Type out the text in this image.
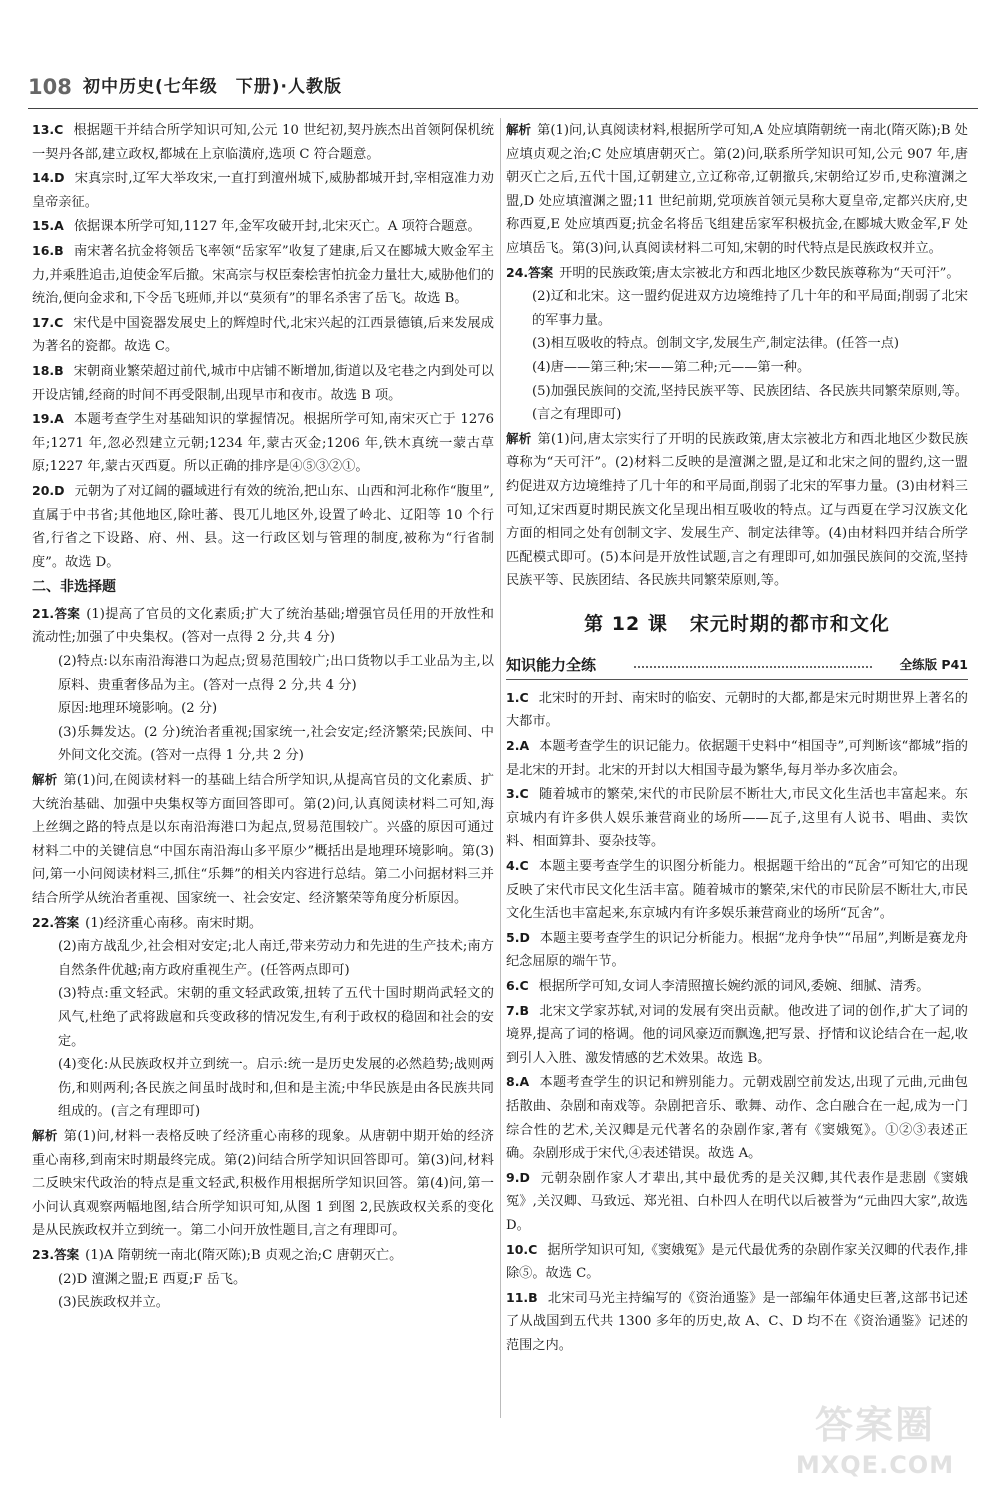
108 初中历史(七年级　下册)·人教版

13.C 根据题干并结合所学知识可知,公元 10 世纪初,契丹族杰出首领阿保机统一契丹各部,建立政权,都城在上京临潢府,选项 C 符合题意。

14.D 宋真宗时,辽军大举攻宋,一直打到澶州城下,威胁都城开封,宰相寇准力劝皇帝亲征。

15.A 依据课本所学可知,1127 年,金军攻破开封,北宋灭亡。A 项符合题意。

16.B 南宋著名抗金将领岳飞率领“岳家军”收复了建康,后又在郾城大败金军主力,并乘胜追击,迫使金军后撤。宋高宗与权臣秦桧害怕抗金力量壮大,威胁他们的统治,便向金求和,下令岳飞班师,并以“莫须有”的罪名杀害了岳飞。故选 B。

17.C 宋代是中国瓷器发展史上的辉煌时代,北宋兴起的江西景德镇,后来发展成为著名的瓷都。故选 C。

18.B 宋朝商业繁荣超过前代,城市中店铺不断增加,街道以及宅巷之内到处可以开设店铺,经商的时间不再受限制,出现早市和夜市。故选 B 项。

19.A 本题考查学生对基础知识的掌握情况。根据所学可知,南宋灭亡于 1276 年;1271 年,忽必烈建立元朝;1234 年,蒙古灭金;1206 年,铁木真统一蒙古草原;1227 年,蒙古灭西夏。所以正确的排序是④⑤③②①。

20.D 元朝为了对辽阔的疆域进行有效的统治,把山东、山西和河北称作“腹里”,直属于中书省;其他地区,除吐蕃、畏兀儿地区外,设置了岭北、辽阳等 10 个行省,行省之下设路、府、州、县。这一行政区划与管理的制度,被称为“行省制度”。故选 D。

二、非选择题

21.答案 (1)提高了官员的文化素质;扩大了统治基础;增强官员任用的开放性和流动性;加强了中央集权。(答对一点得 2 分,共 4 分)

(2)特点:以东南沿海港口为起点;贸易范围较广;出口货物以手工业品为主,以原料、贵重奢侈品为主。(答对一点得 2 分,共 4 分)

原因:地理环境影响。(2 分)

(3)乐舞发达。(2 分)统治者重视;国家统一,社会安定;经济繁荣;民族间、中外间文化交流。(答对一点得 1 分,共 2 分)

解析 第(1)问,在阅读材料一的基础上结合所学知识,从提高官员的文化素质、扩大统治基础、加强中央集权等方面回答即可。第(2)问,认真阅读材料二可知,海上丝绸之路的特点是以东南沿海港口为起点,贸易范围较广。兴盛的原因可通过材料二中的关键信息“中国东南沿海山多平原少”概括出是地理环境影响。第(3)问,第一小问阅读材料三,抓住“乐舞”的相关内容进行总结。第二小问据材料三并结合所学从统治者重视、国家统一、社会安定、经济繁荣等角度分析原因。

22.答案 (1)经济重心南移。南宋时期。

(2)南方战乱少,社会相对安定;北人南迁,带来劳动力和先进的生产技术;南方自然条件优越;南方政府重视生产。(任答两点即可)

(3)特点:重文轻武。宋朝的重文轻武政策,扭转了五代十国时期尚武轻文的风气,杜绝了武将跋扈和兵变政移的情况发生,有利于政权的稳固和社会的安定。

(4)变化:从民族政权并立到统一。启示:统一是历史发展的必然趋势;战则两伤,和则两利;各民族之间虽时战时和,但和是主流;中华民族是由各民族共同组成的。(言之有理即可)

解析 第(1)问,材料一表格反映了经济重心南移的现象。从唐朝中期开始的经济重心南移,到南宋时期最终完成。第(2)问结合所学知识回答即可。第(3)问,材料二反映宋代政治的特点是重文轻武,积极作用根据所学知识回答。第(4)问,第一小问认真观察两幅地图,结合所学知识可知,从图 1 到图 2,民族政权关系的变化是从民族政权并立到统一。第二小问开放性题目,言之有理即可。

23.答案 (1)A 隋朝统一南北(隋灭陈);B 贞观之治;C 唐朝灭亡。

(2)D 澶渊之盟;E 西夏;F 岳飞。

(3)民族政权并立。

解析 第(1)问,认真阅读材料,根据所学可知,A 处应填隋朝统一南北(隋灭陈);B 处应填贞观之治;C 处应填唐朝灭亡。第(2)问,联系所学知识可知,公元 907 年,唐朝灭亡之后,五代十国,辽朝建立,立辽称帝,辽朝撤兵,宋朝给辽岁币,史称澶渊之盟,D 处应填澶渊之盟;11 世纪前期,党项族首领元昊称大夏皇帝,定都兴庆府,史称西夏,E 处应填西夏;抗金名将岳飞组建岳家军积极抗金,在郾城大败金军,F 处应填岳飞。第(3)问,认真阅读材料二可知,宋朝的时代特点是民族政权并立。

24.答案 开明的民族政策;唐太宗被北方和西北地区少数民族尊称为“天可汗”。

(2)辽和北宋。这一盟约促进双方边境维持了几十年的和平局面;削弱了北宋的军事力量。

(3)相互吸收的特点。创制文字,发展生产,制定法律。(任答一点)

(4)唐——第三种;宋——第二种;元——第一种。

(5)加强民族间的交流,坚持民族平等、民族团结、各民族共同繁荣原则,等。(言之有理即可)

解析 第(1)问,唐太宗实行了开明的民族政策,唐太宗被北方和西北地区少数民族尊称为“天可汗”。(2)材料二反映的是澶渊之盟,是辽和北宋之间的盟约,这一盟约促进双方边境维持了几十年的和平局面,削弱了北宋的军事力量。(3)由材料三可知,辽宋西夏时期民族文化呈现出相互吸收的特点。辽与西夏在学习汉族文化方面的相同之处有创制文字、发展生产、制定法律等。(4)由材料四并结合所学匹配模式即可。(5)本问是开放性试题,言之有理即可,如加强民族间的交流,坚持民族平等、民族团结、各民族共同繁荣原则,等。

第 12 课 宋元时期的都市和文化
知识能力全练	全练版 P41

1.C 北宋时的开封、南宋时的临安、元朝时的大都,都是宋元时期世界上著名的大都市。

2.A 本题考查学生的识记能力。依据题干史料中“相国寺”,可判断该“都城”指的是北宋的开封。北宋的开封以大相国寺最为繁华,每月举办多次庙会。

3.C 随着城市的繁荣,宋代的市民阶层不断壮大,市民文化生活也丰富起来。东京城内有许多供人娱乐兼营商业的场所——瓦子,这里有人说书、唱曲、卖饮料、相面算卦、耍杂技等。

4.C 本题主要考查学生的识图分析能力。根据题干给出的“瓦舍”可知它的出现反映了宋代市民文化生活丰富。随着城市的繁荣,宋代的市民阶层不断壮大,市民文化生活也丰富起来,东京城内有许多娱乐兼营商业的场所“瓦舍”。

5.D 本题主要考查学生的识记分析能力。根据“龙舟争快”“吊屈”,判断是赛龙舟纪念屈原的端午节。

6.C 根据所学可知,女词人李清照擅长婉约派的词风,委婉、细腻、清秀。

7.B 北宋文学家苏轼,对词的发展有突出贡献。他改进了词的创作,扩大了词的境界,提高了词的格调。他的词风豪迈而飘逸,把写景、抒情和议论结合在一起,收到引人入胜、激发情感的艺术效果。故选 B。

8.A 本题考查学生的识记和辨别能力。元朝戏剧空前发达,出现了元曲,元曲包括散曲、杂剧和南戏等。杂剧把音乐、歌舞、动作、念白融合在一起,成为一门综合性的艺术,关汉卿是元代著名的杂剧作家,著有《窦娥冤》。①②③表述正确。杂剧形成于宋代,④表述错误。故选 A。

9.D 元朝杂剧作家人才辈出,其中最优秀的是关汉卿,其代表作是悲剧《窦娥冤》,关汉卿、马致远、郑光祖、白朴四人在明代以后被誉为“元曲四大家”,故选 D。

10.C 据所学知识可知,《窦娥冤》是元代最优秀的杂剧作家关汉卿的代表作,排除⑤。故选 C。

11.B 北宋司马光主持编写的《资治通鉴》是一部编年体通史巨著,这部书记述了从战国到五代共 1300 多年的历史,故 A、C、D 均不在《资治通鉴》记述的范围之内。

答案圈
MXQE.COM
